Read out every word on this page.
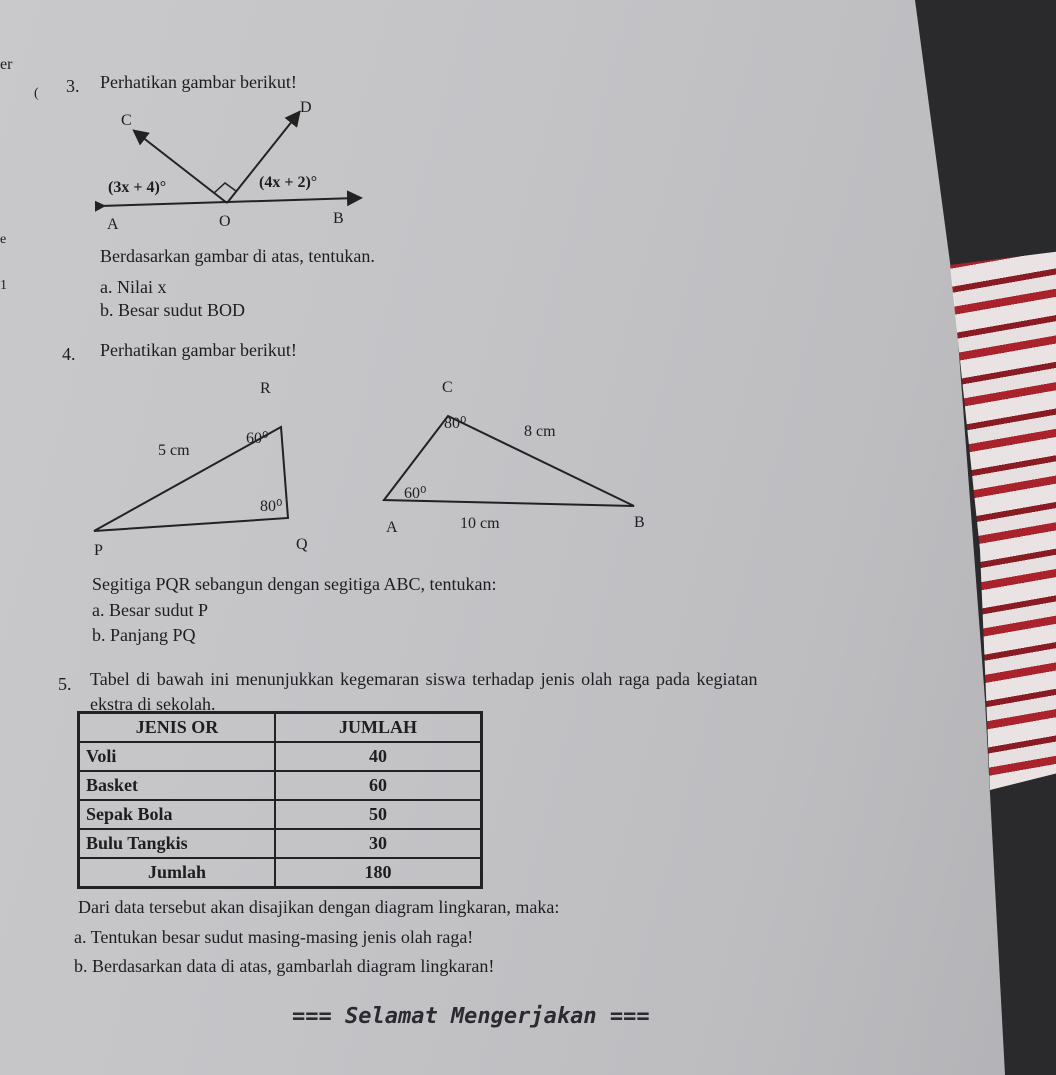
er
(
e
1
3. Perhatikan gambar berikut!
C
D
A	O	B
(3x + 4)°	(4x + 2)°
Berdasarkan gambar di atas, tentukan.
a. Nilai x
b. Besar sudut BOD
4. Perhatikan gambar berikut!
R
P	Q
5 cm
60⁰
80⁰
C
A	B
8 cm
10 cm
80⁰
60⁰
Segitiga PQR sebangun dengan segitiga ABC, tentukan:
a. Besar sudut P
b. Panjang PQ
5. Tabel di bawah ini menunjukkan kegemaran siswa terhadap jenis olah raga pada kegiatan
ekstra di sekolah.
JENIS OR	JUMLAH
Voli	40
Basket	60
Sepak Bola	50
Bulu Tangkis	30
Jumlah	180
Dari data tersebut akan disajikan dengan diagram lingkaran, maka:
a. Tentukan besar sudut masing-masing jenis olah raga!
b. Berdasarkan data di atas, gambarlah diagram lingkaran!
=== Selamat Mengerjakan ===
